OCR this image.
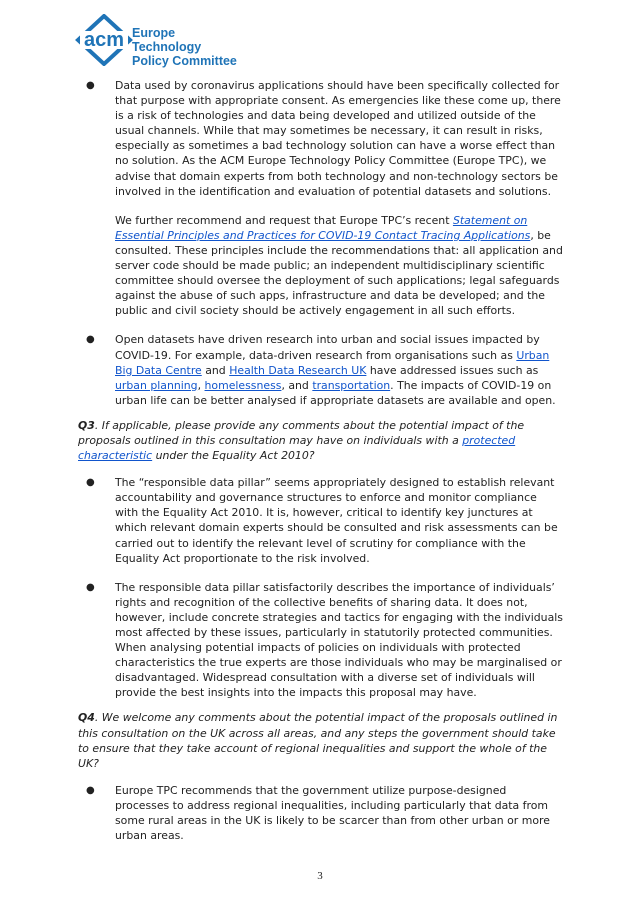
acm Europe Technology
Policy Committee
● Data used by coronavirus applications should have been specifically collected for that purpose with appropriate consent. As emergencies like these come up, there is a risk of technologies and data being developed and utilized outside of the usual channels. While that may sometimes be necessary, it can result in risks, especially as sometimes a bad technology solution can have a worse effect than no solution. As the ACM Europe Technology Policy Committee (Europe TPC), we advise that domain experts from both technology and non-technology sectors be involved in the identification and evaluation of potential datasets and solutions.

We further recommend and request that Europe TPC’s recent Statement on Essential Principles and Practices for COVID-19 Contact Tracing Applications, be consulted. These principles include the recommendations that: all application and server code should be made public; an independent multidisciplinary scientific committee should oversee the deployment of such applications; legal safeguards against the abuse of such apps, infrastructure and data be developed; and the public and civil society should be actively engagement in all such efforts.

● Open datasets have driven research into urban and social issues impacted by COVID-19. For example, data-driven research from organisations such as Urban Big Data Centre and Health Data Research UK have addressed issues such as urban planning, homelessness, and transportation. The impacts of COVID-19 on urban life can be better analysed if appropriate datasets are available and open.

Q3. If applicable, please provide any comments about the potential impact of the proposals outlined in this consultation may have on individuals with a protected characteristic under the Equality Act 2010?

● The “responsible data pillar” seems appropriately designed to establish relevant accountability and governance structures to enforce and monitor compliance with the Equality Act 2010. It is, however, critical to identify key junctures at which relevant domain experts should be consulted and risk assessments can be carried out to identify the relevant level of scrutiny for compliance with the Equality Act proportionate to the risk involved.

● The responsible data pillar satisfactorily describes the importance of individuals’ rights and recognition of the collective benefits of sharing data. It does not, however, include concrete strategies and tactics for engaging with the individuals most affected by these issues, particularly in statutorily protected communities. When analysing potential impacts of policies on individuals with protected characteristics the true experts are those individuals who may be marginalised or disadvantaged. Widespread consultation with a diverse set of individuals will provide the best insights into the impacts this proposal may have.

Q4. We welcome any comments about the potential impact of the proposals outlined in this consultation on the UK across all areas, and any steps the government should take to ensure that they take account of regional inequalities and support the whole of the UK?

● Europe TPC recommends that the government utilize purpose-designed processes to address regional inequalities, including particularly that data from some rural areas in the UK is likely to be scarcer than from other urban or more urban areas.

3
